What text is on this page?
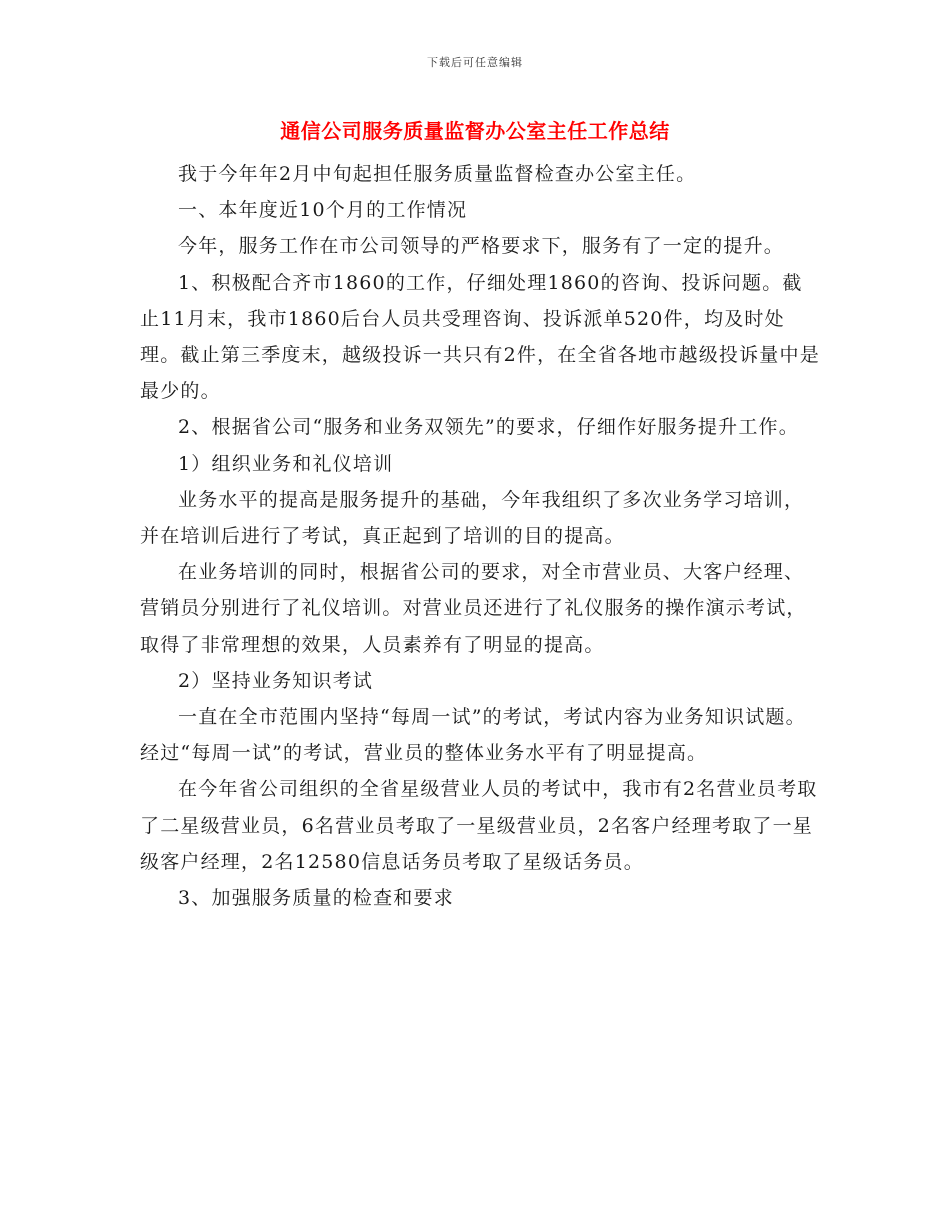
下载后可任意编辑
通信公司服务质量监督办公室主任工作总结

我于今年年2月中旬起担任服务质量监督检查办公室主任。

一、本年度近10个月的工作情况

今年，服务工作在市公司领导的严格要求下，服务有了一定的提升。

1、积极配合齐市1860的工作，仔细处理1860的咨询、投诉问题。截止11月末，我市1860后台人员共受理咨询、投诉派单520件，均及时处理。截止第三季度末，越级投诉一共只有2件，在全省各地市越级投诉量中是最少的。

2、根据省公司“服务和业务双领先”的要求，仔细作好服务提升工作。

1）组织业务和礼仪培训

业务水平的提高是服务提升的基础，今年我组织了多次业务学习培训，并在培训后进行了考试，真正起到了培训的目的提高。

在业务培训的同时，根据省公司的要求，对全市营业员、大客户经理、营销员分别进行了礼仪培训。对营业员还进行了礼仪服务的操作演示考试，取得了非常理想的效果，人员素养有了明显的提高。

2）坚持业务知识考试

一直在全市范围内坚持“每周一试”的考试，考试内容为业务知识试题。经过“每周一试”的考试，营业员的整体业务水平有了明显提高。

在今年省公司组织的全省星级营业人员的考试中，我市有2名营业员考取了二星级营业员，6名营业员考取了一星级营业员，2名客户经理考取了一星级客户经理，2名12580信息话务员考取了星级话务员。

3、加强服务质量的检查和要求
